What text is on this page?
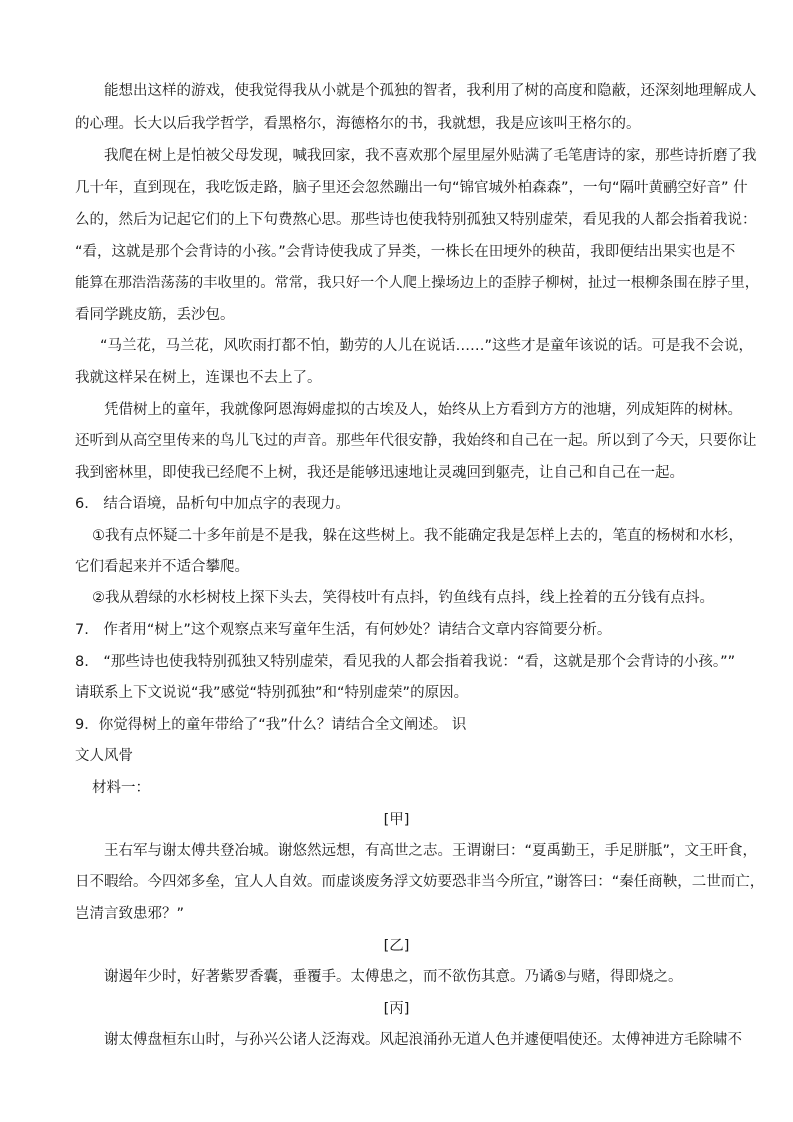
能想出这样的游戏，使我觉得我从小就是个孤独的智者，我利用了树的高度和隐蔽，还深刻地理解成人
的心理。长大以后我学哲学，看黑格尔，海德格尔的书，我就想，我是应该叫王格尔的。
我爬在树上是怕被父母发现，喊我回家，我不喜欢那个屋里屋外贴满了毛笔唐诗的家，那些诗折磨了我
几十年，直到现在，我吃饭走路，脑子里还会忽然蹦出一句“锦官城外柏森森”，一句“隔叶黄鹂空好音” 什
么的，然后为记起它们的上下句费熬心思。那些诗也使我特别孤独又特别虚荣，看见我的人都会指着我说：
“看，这就是那个会背诗的小孩。”会背诗使我成了异类，一株长在田埂外的秧苗，我即便结出果实也是不
能算在那浩浩荡荡的丰收里的。常常，我只好一个人爬上操场边上的歪脖子柳树，扯过一根柳条围在脖子里，
看同学跳皮筋，丢沙包。
“马兰花，马兰花，风吹雨打都不怕，勤劳的人儿在说话……”这些才是童年该说的话。可是我不会说，
我就这样呆在树上，连课也不去上了。
凭借树上的童年，我就像阿恩海姆虚拟的古埃及人，始终从上方看到方方的池塘，列成矩阵的树林。
还听到从高空里传来的鸟儿飞过的声音。那些年代很安静，我始终和自己在一起。所以到了今天，只要你让
我到密林里，即使我已经爬不上树，我还是能够迅速地让灵魂回到躯壳，让自己和自己在一起。
6.　结合语境，品析句中加点字的表现力。
①我有点怀疑二十多年前是不是我，躲在这些树上。我不能确定我是怎样上去的，笔直的杨树和水杉，
它们看起来并不适合攀爬。
②我从碧绿的水杉树枝上探下头去，笑得枝叶有点抖，钓鱼线有点抖，线上拴着的五分钱有点抖。
7.　作者用“树上”这个观察点来写童年生活，有何妙处？请结合文章内容简要分析。
8.　“那些诗也使我特别孤独又特别虚荣，看见我的人都会指着我说：“看，这就是那个会背诗的小孩。””
请联系上下文说说“我”感觉“特别孤独”和“特别虚荣”的原因。
9．你觉得树上的童年带给了“我”什么？请结合全文阐述。 识
文人风骨
材料一：
[甲]
王右军与谢太傅共登冶城。谢悠然远想，有高世之志。王谓谢曰：“夏禹勤王，手足胼胝”，文王旰食，
日不暇给。今四郊多垒，宜人人自效。而虚谈废务浮文妨要恐非当今所宜，”谢答曰：“秦任商鞅，二世而亡，
岂清言致患邪？”
[乙]
谢遏年少时，好著紫罗香囊，垂覆手。太傅患之，而不欲伤其意。乃谲⑤与赌，得即烧之。
[丙]
谢太傅盘桓东山时，与孙兴公诸人泛海戏。风起浪涌孙无道人色并遽便唱使还。太傅神进方毛除啸不
